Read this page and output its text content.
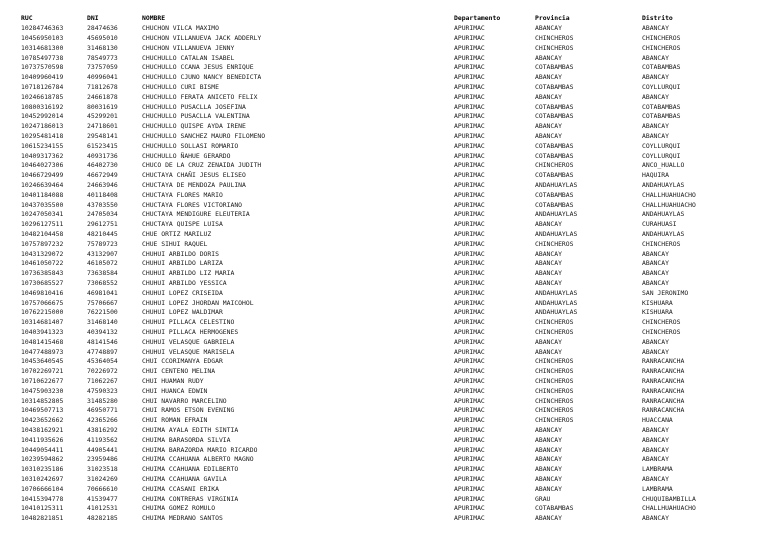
RUC	DNI	NOMBRE	Departamento	Provincia	Distrito
10284746363	28474636	CHUCHON VILCA MAXIMO	APURIMAC	ABANCAY	ABANCAY
10456950103	45695010	CHUCHON VILLANUEVA JACK ADDERLY	APURIMAC	CHINCHEROS	CHINCHEROS
10314681300	31468130	CHUCHON VILLANUEVA JENNY	APURIMAC	CHINCHEROS	CHINCHEROS
10785497738	78549773	CHUCHULLO CATALAN ISABEL	APURIMAC	ABANCAY	ABANCAY
10737570598	73757059	CHUCHULLO CCANA JESUS ENRIQUE	APURIMAC	COTABAMBAS	COTABAMBAS
10409960419	40996041	CHUCHULLO CJUNO NANCY BENEDICTA	APURIMAC	ABANCAY	ABANCAY
10718126784	71812678	CHUCHULLO CURI BISME	APURIMAC	COTABAMBAS	COYLLURQUI
10246618785	24661878	CHUCHULLO FERATA ANICETO FELIX	APURIMAC	ABANCAY	ABANCAY
10800316192	80031619	CHUCHULLO PUSACLLA JOSEFINA	APURIMAC	COTABAMBAS	COTABAMBAS
10452992014	45299201	CHUCHULLO PUSACLLA VALENTINA	APURIMAC	COTABAMBAS	COTABAMBAS
10247186013	24718601	CHUCHULLO QUISPE AYDA IRENE	APURIMAC	ABANCAY	ABANCAY
10295481418	29548141	CHUCHULLO SANCHEZ MAURO FILOMENO	APURIMAC	ABANCAY	ABANCAY
10615234155	61523415	CHUCHULLO SOLLASI ROMARIO	APURIMAC	COTABAMBAS	COYLLURQUI
10409317362	40931736	CHUCHULLO ÑAHUE GERARDO	APURIMAC	COTABAMBAS	COYLLURQUI
10464027306	46402730	CHUCO DE LA CRUZ ZENAIDA JUDITH	APURIMAC	CHINCHEROS	ANCO_HUALLO
10466729499	46672949	CHUCTAYA CHAÑI JESUS ELISEO	APURIMAC	COTABAMBAS	HAQUIRA
10246639464	24663946	CHUCTAYA DE MENDOZA PAULINA	APURIMAC	ANDAHUAYLAS	ANDAHUAYLAS
10401184088	40118408	CHUCTAYA FLORES MARIO	APURIMAC	COTABAMBAS	CHALLHUAHUACHO
10437035500	43703550	CHUCTAYA FLORES VICTORIANO	APURIMAC	COTABAMBAS	CHALLHUAHUACHO
10247050341	24705034	CHUCTAYA MENDIGURE ELEUTERIA	APURIMAC	ANDAHUAYLAS	ANDAHUAYLAS
10296127511	29612751	CHUCTAYA QUISPE LUISA	APURIMAC	ABANCAY	CURAHUASI
10482104458	48210445	CHUE ORTIZ MARILUZ	APURIMAC	ANDAHUAYLAS	ANDAHUAYLAS
10757897232	75789723	CHUE SIHUI RAQUEL	APURIMAC	CHINCHEROS	CHINCHEROS
10431329072	43132907	CHUHUI ARBILDO DORIS	APURIMAC	ABANCAY	ABANCAY
10461050722	46105072	CHUHUI ARBILDO LARIZA	APURIMAC	ABANCAY	ABANCAY
10736385843	73638584	CHUHUI ARBILDO LIZ MARIA	APURIMAC	ABANCAY	ABANCAY
10730685527	73068552	CHUHUI ARBILDO YESSICA	APURIMAC	ABANCAY	ABANCAY
10469810416	46981041	CHUHUI LOPEZ CRISEIDA	APURIMAC	ANDAHUAYLAS	SAN JERONIMO
10757066675	75706667	CHUHUI LOPEZ JHORDAN MAICOHOL	APURIMAC	ANDAHUAYLAS	KISHUARA
10762215000	76221500	CHUHUI LOPEZ WALDIMAR	APURIMAC	ANDAHUAYLAS	KISHUARA
10314681407	31468140	CHUHUI PILLACA CELESTINO	APURIMAC	CHINCHEROS	CHINCHEROS
10403941323	40394132	CHUHUI PILLACA HERMOGENES	APURIMAC	CHINCHEROS	CHINCHEROS
10481415468	48141546	CHUHUI VELASQUE GABRIELA	APURIMAC	ABANCAY	ABANCAY
10477488973	47748897	CHUHUI VELASQUE MARISELA	APURIMAC	ABANCAY	ABANCAY
10453640545	45364054	CHUI CCORIMANYA EDGAR	APURIMAC	CHINCHEROS	RANRACANCHA
10702269721	70226972	CHUI CENTENO MELINA	APURIMAC	CHINCHEROS	RANRACANCHA
10710622677	71062267	CHUI HUAMAN RUDY	APURIMAC	CHINCHEROS	RANRACANCHA
10475903230	47590323	CHUI HUANCA EDWIN	APURIMAC	CHINCHEROS	RANRACANCHA
10314852805	31485280	CHUI NAVARRO MARCELINO	APURIMAC	CHINCHEROS	RANRACANCHA
10469507713	46950771	CHUI RAMOS ETSON EVENING	APURIMAC	CHINCHEROS	RANRACANCHA
10423652662	42365266	CHUI ROMAN EFRAIN	APURIMAC	CHINCHEROS	HUACCANA
10438162921	43816292	CHUIMA AYALA EDITH SINTIA	APURIMAC	ABANCAY	ABANCAY
10411935626	41193562	CHUIMA BARASORDA SILVIA	APURIMAC	ABANCAY	ABANCAY
10449054411	44905441	CHUIMA BARAZORDA MARIO RICARDO	APURIMAC	ABANCAY	ABANCAY
10239594862	23959486	CHUIMA CCAHUANA ALBERTO MAGNO	APURIMAC	ABANCAY	ABANCAY
10310235186	31023518	CHUIMA CCAHUANA EDILBERTO	APURIMAC	ABANCAY	LAMBRAMA
10310242697	31024269	CHUIMA CCAHUANA GAVILA	APURIMAC	ABANCAY	ABANCAY
10706666104	70666610	CHUIMA CCASANI ERIKA	APURIMAC	ABANCAY	LAMBRAMA
10415394778	41539477	CHUIMA CONTRERAS VIRGINIA	APURIMAC	GRAU	CHUQUIBAMBILLA
10410125311	41012531	CHUIMA GOMEZ ROMULO	APURIMAC	COTABAMBAS	CHALLHUAHUACHO
10482821851	48282185	CHUIMA MEDRANO SANTOS	APURIMAC	ABANCAY	ABANCAY
